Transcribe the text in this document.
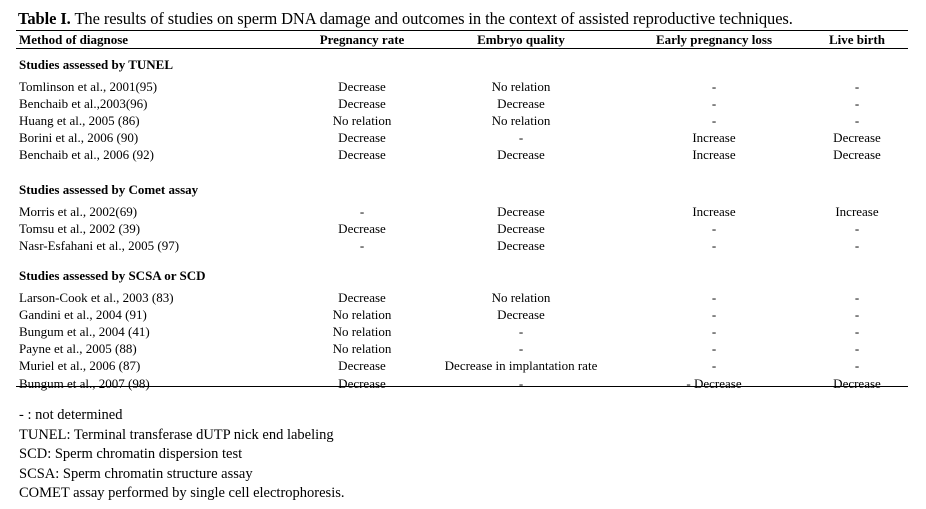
Table I. The results of studies on sperm DNA damage and outcomes in the context of assisted reproductive techniques.
Method of diagnose	Pregnancy rate	Embryo quality	Early pregnancy loss	Live birth
Studies assessed by TUNEL
Tomlinson et al., 2001(95)	Decrease	No relation	-	-
Benchaib et al.,2003(96)	Decrease	Decrease	-	-
Huang et al., 2005 (86)	No relation	No relation	-	-
Borini et al., 2006 (90)	Decrease	-	Increase	Decrease
Benchaib et al., 2006 (92)	Decrease	Decrease	Increase	Decrease
Studies assessed by Comet assay
Morris et al., 2002(69)	-	Decrease	Increase	Increase
Tomsu et al., 2002 (39)	Decrease	Decrease	-	-
Nasr-Esfahani et al., 2005 (97)	-	Decrease	-	-
Studies assessed by SCSA or SCD
Larson-Cook et al., 2003 (83)	Decrease	No relation	-	-
Gandini et al., 2004 (91)	No relation	Decrease	-	-
Bungum et al., 2004 (41)	No relation	-	-	-
Payne et al., 2005 (88)	No relation	-	-	-
Muriel et al., 2006 (87)	Decrease	Decrease in implantation rate	-	-
Bungum et al., 2007 (98)	Decrease	-	- Decrease	Decrease
- : not determined
TUNEL: Terminal transferase dUTP nick end labeling
SCD: Sperm chromatin dispersion test
SCSA: Sperm chromatin structure assay
COMET assay performed by single cell electrophoresis.
